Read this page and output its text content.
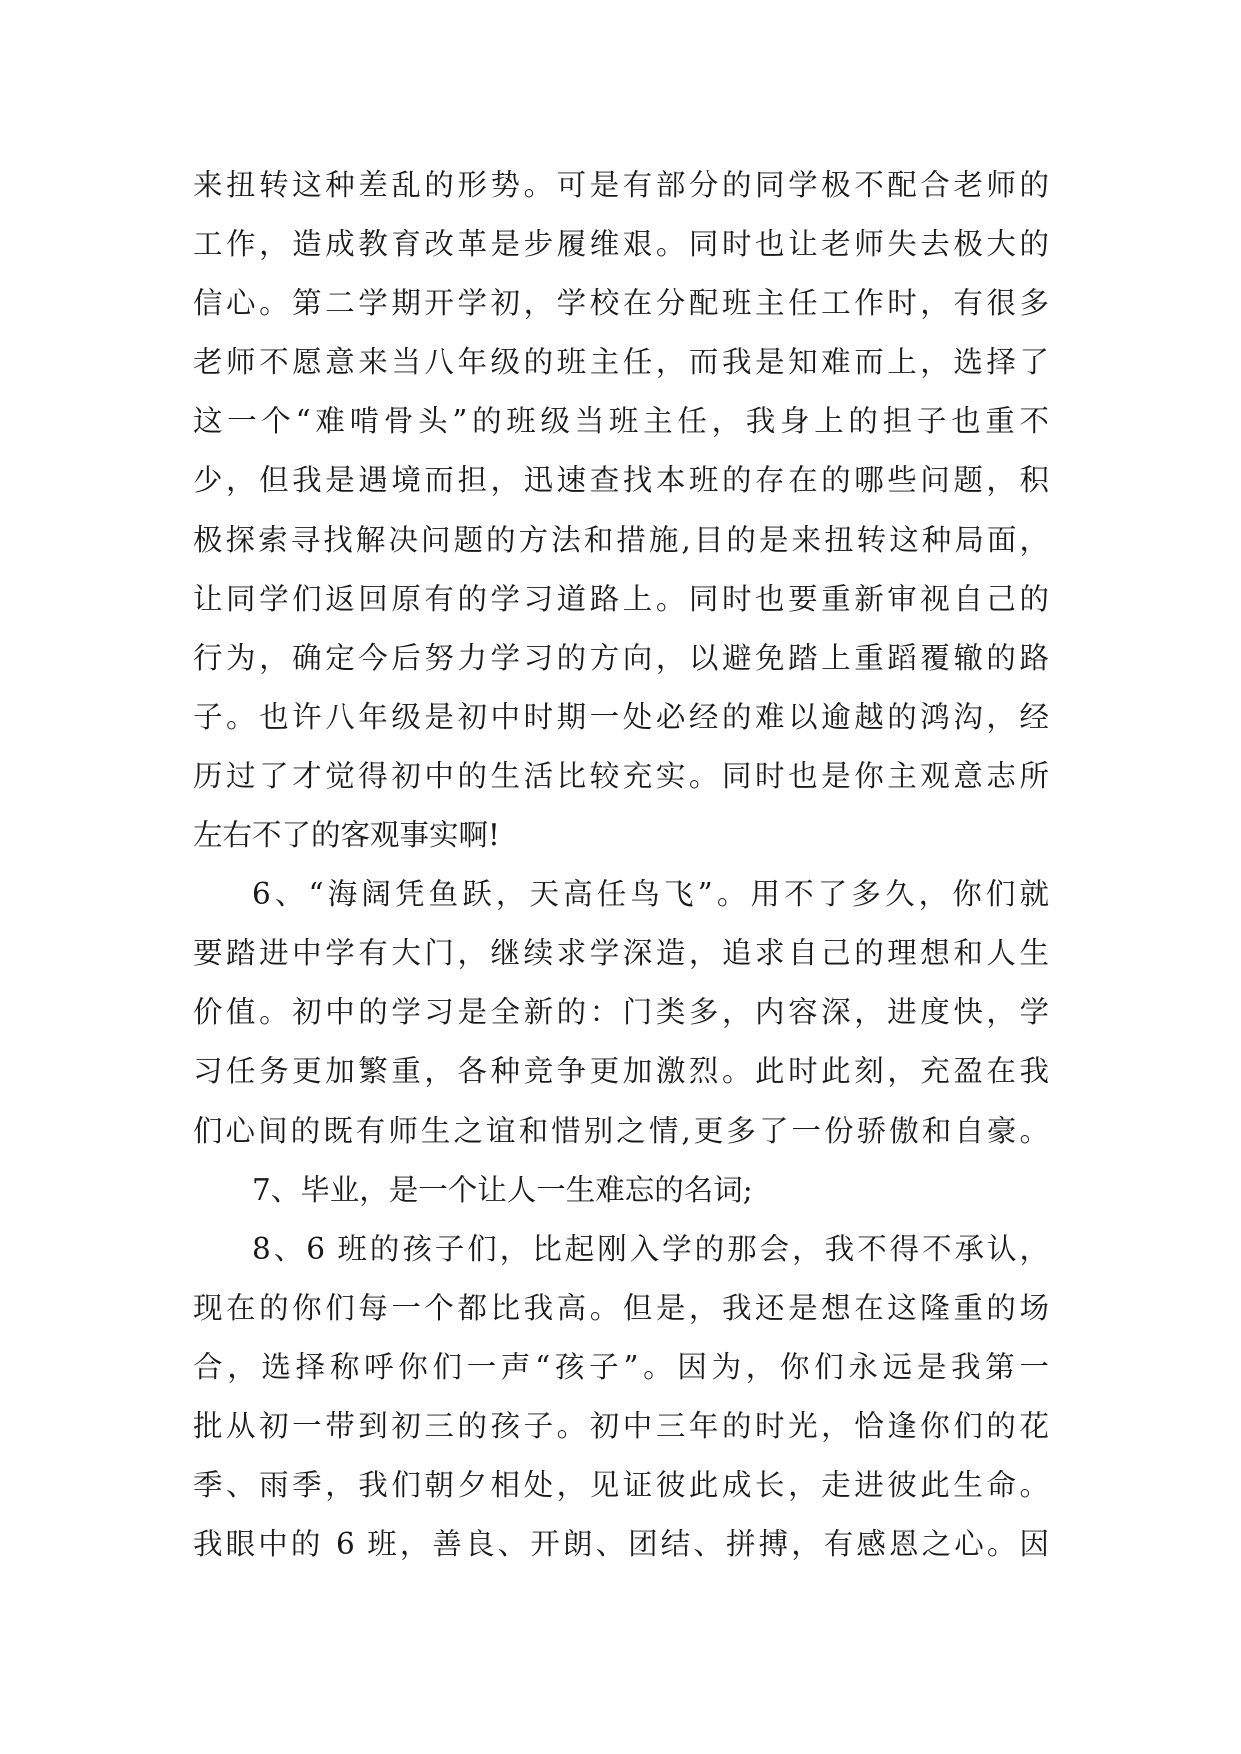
来扭转这种差乱的形势。可是有部分的同学极不配合老师的
工作，造成教育改革是步履维艰。同时也让老师失去极大的
信心。第二学期开学初，学校在分配班主任工作时，有很多
老师不愿意来当八年级的班主任，而我是知难而上，选择了
这一个“难啃骨头”的班级当班主任，我身上的担子也重不
少，但我是遇境而担，迅速查找本班的存在的哪些问题，积
极探索寻找解决问题的方法和措施,目的是来扭转这种局面，
让同学们返回原有的学习道路上。同时也要重新审视自己的
行为，确定今后努力学习的方向，以避免踏上重蹈覆辙的路
子。也许八年级是初中时期一处必经的难以逾越的鸿沟，经
历过了才觉得初中的生活比较充实。同时也是你主观意志所
左右不了的客观事实啊!
6、“海阔凭鱼跃，天高任鸟飞”。用不了多久，你们就
要踏进中学有大门，继续求学深造，追求自己的理想和人生
价值。初中的学习是全新的：门类多，内容深，进度快，学
习任务更加繁重，各种竞争更加激烈。此时此刻，充盈在我
们心间的既有师生之谊和惜别之情,更多了一份骄傲和自豪。
7、毕业，是一个让人一生难忘的名词;
8、6 班的孩子们，比起刚入学的那会，我不得不承认，
现在的你们每一个都比我高。但是，我还是想在这隆重的场
合，选择称呼你们一声“孩子”。因为，你们永远是我第一
批从初一带到初三的孩子。初中三年的时光，恰逢你们的花
季、雨季，我们朝夕相处，见证彼此成长，走进彼此生命。
我眼中的 6 班，善良、开朗、团结、拼搏，有感恩之心。因
